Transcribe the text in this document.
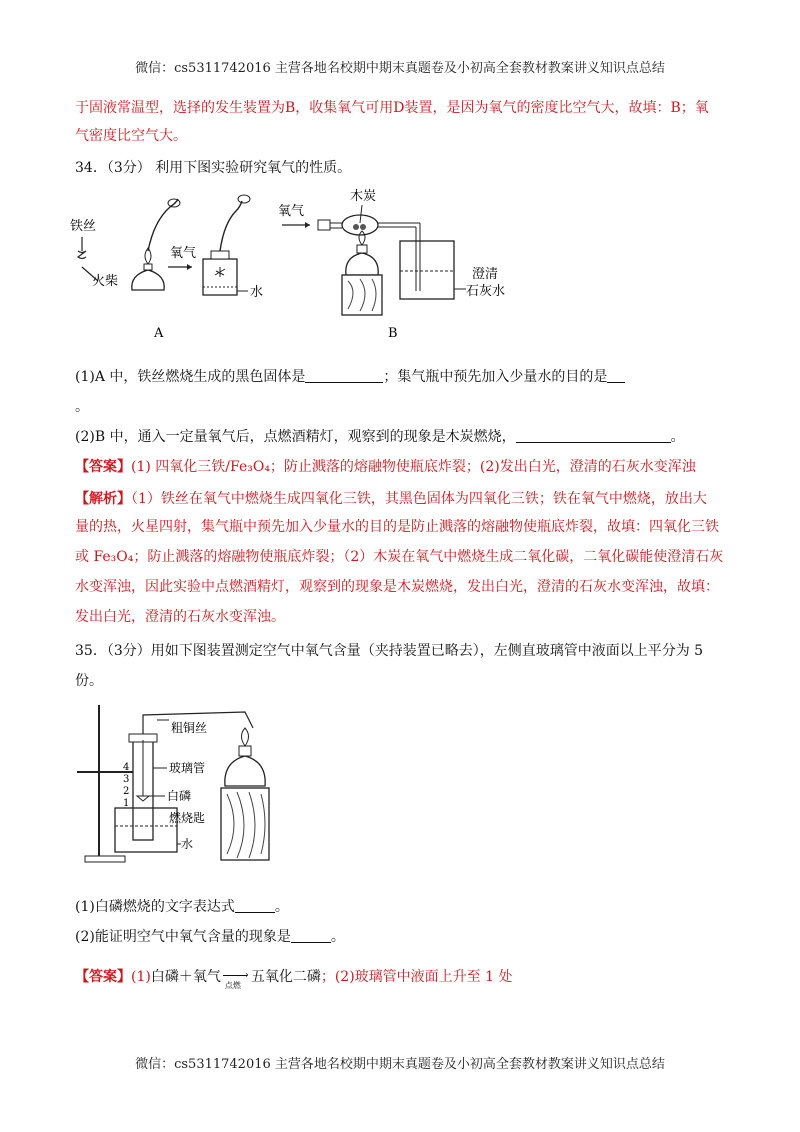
微信：cs5311742016 主营各地名校期中期末真题卷及小初高全套教材教案讲义知识点总结
于固液常温型，选择的发生装置为B，收集氧气可用D装置，是因为氧气的密度比空气大，故填：B；氧
气密度比空气大。
34．（3分） 利用下图实验研究氧气的性质。
铁丝
火柴
氧气
水
A
氧气
木炭
澄清
石灰水
B
(1)A 中，铁丝燃烧生成的黑色固体是	；集气瓶中预先加入少量水的目的是
。
(2)B 中，通入一定量氧气后，点燃酒精灯，观察到的现象是木炭燃烧，	。
【答案】(1) 四氧化三铁/Fe₃O₄；防止溅落的熔融物使瓶底炸裂；(2)发出白光，澄清的石灰水变浑浊
【解析】（1）铁丝在氧气中燃烧生成四氧化三铁，其黑色固体为四氧化三铁；铁在氧气中燃烧，放出大
量的热，火星四射，集气瓶中预先加入少量水的目的是防止溅落的熔融物使瓶底炸裂，故填：四氧化三铁
或 Fe₃O₄；防止溅落的熔融物使瓶底炸裂；（2）木炭在氧气中燃烧生成二氧化碳，二氧化碳能使澄清石灰
水变浑浊，因此实验中点燃酒精灯，观察到的现象是木炭燃烧，发出白光，澄清的石灰水变浑浊，故填：
发出白光，澄清的石灰水变浑浊。
35．（3分）用如下图装置测定空气中氧气含量（夹持装置已略去），左侧直玻璃管中液面以上平分为 5
份。
4
3
2
1
粗铜丝
玻璃管
白磷
燃烧匙
水
(1)白磷燃烧的文字表达式	。
(2)能证明空气中氧气含量的现象是	。
【答案】(1)白磷＋氧气 ›
点燃
五氧化二磷；(2)玻璃管中液面上升至 1 处
微信：cs5311742016 主营各地名校期中期末真题卷及小初高全套教材教案讲义知识点总结
